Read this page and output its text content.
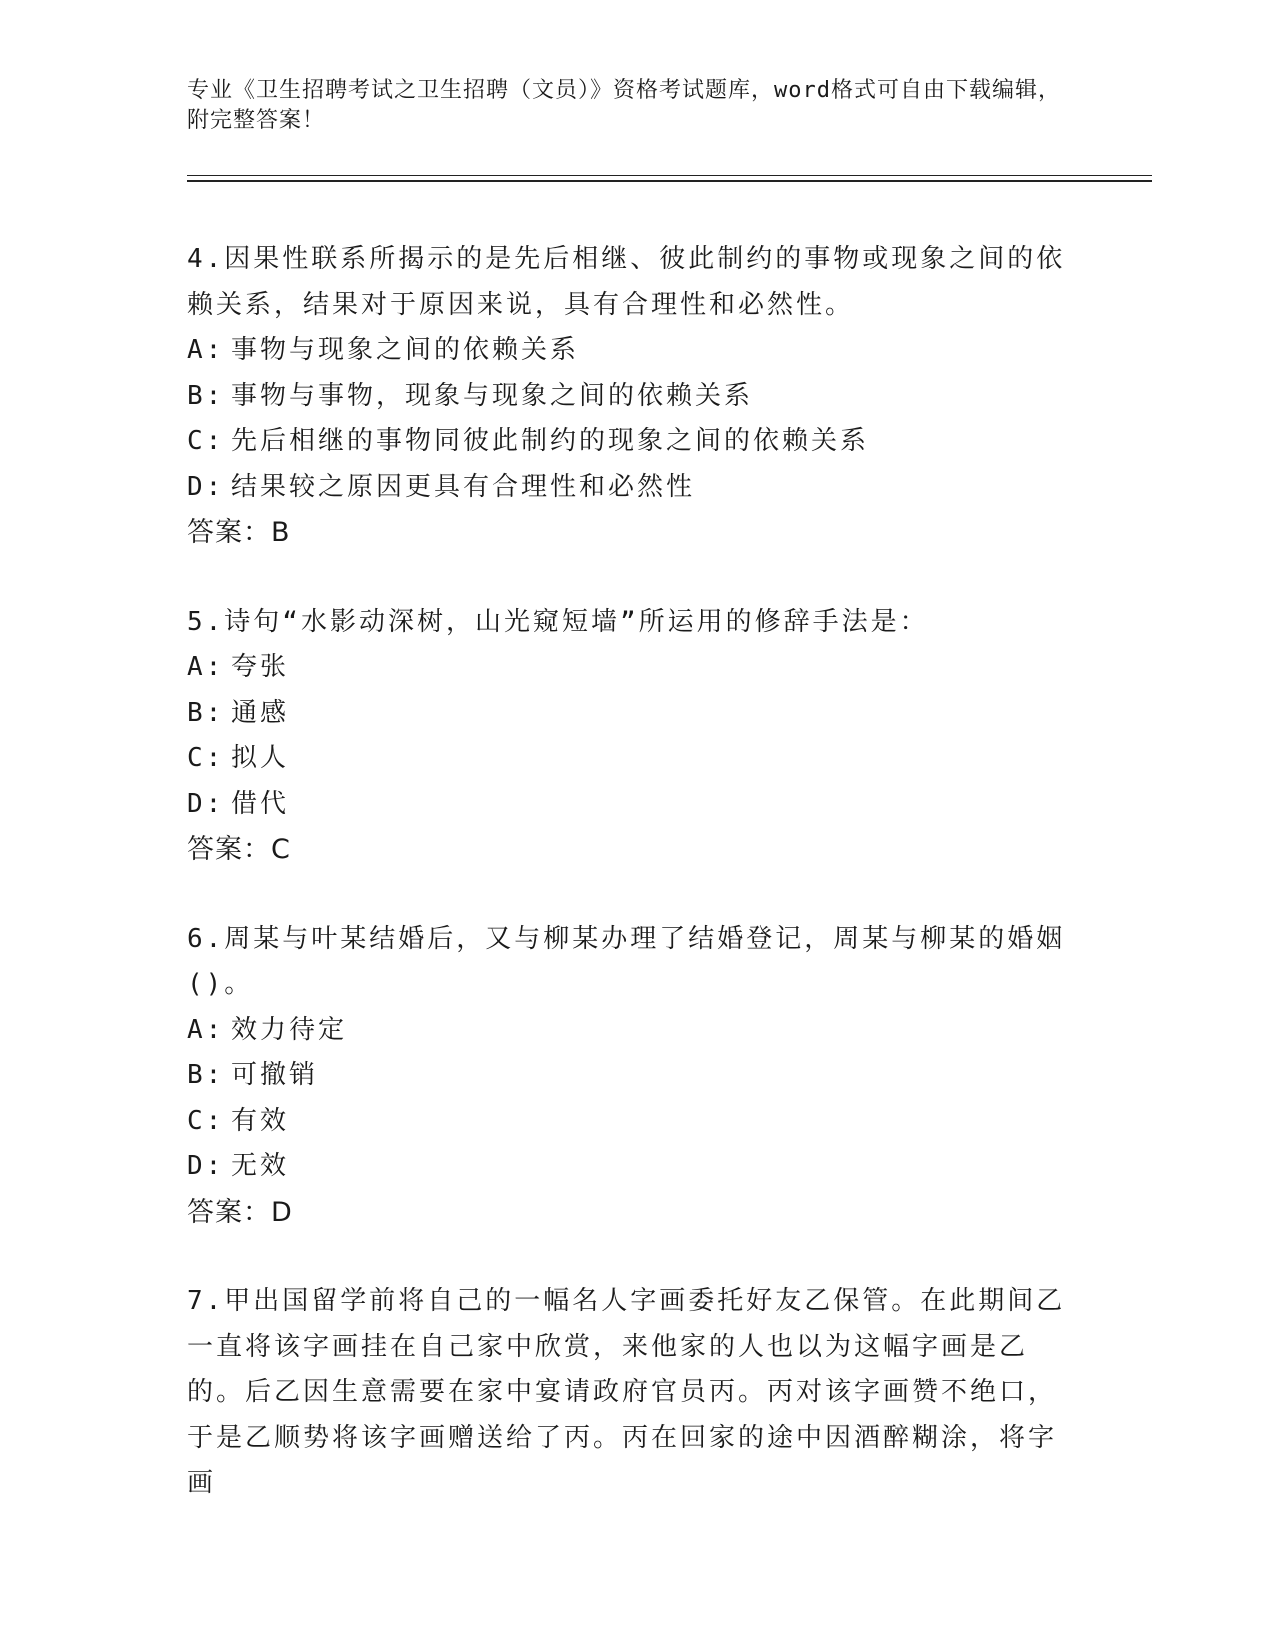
专业《卫生招聘考试之卫生招聘（文员）》资格考试题库，word格式可自由下载编辑，附完整答案！

4.因果性联系所揭示的是先后相继、彼此制约的事物或现象之间的依赖关系，结果对于原因来说，具有合理性和必然性。

A: 事物与现象之间的依赖关系

B: 事物与事物，现象与现象之间的依赖关系

C: 先后相继的事物同彼此制约的现象之间的依赖关系

D: 结果较之原因更具有合理性和必然性

答案：B

5.诗句“水影动深树，山光窥短墙”所运用的修辞手法是：

A: 夸张

B: 通感

C: 拟人

D: 借代

答案：C

6.周某与叶某结婚后，又与柳某办理了结婚登记，周某与柳某的婚姻()。

A: 效力待定

B: 可撤销

C: 有效

D: 无效

答案：D

7.甲出国留学前将自己的一幅名人字画委托好友乙保管。在此期间乙一直将该字画挂在自己家中欣赏，来他家的人也以为这幅字画是乙的。后乙因生意需要在家中宴请政府官员丙。丙对该字画赞不绝口，于是乙顺势将该字画赠送给了丙。丙在回家的途中因酒醉糊涂，将字画
